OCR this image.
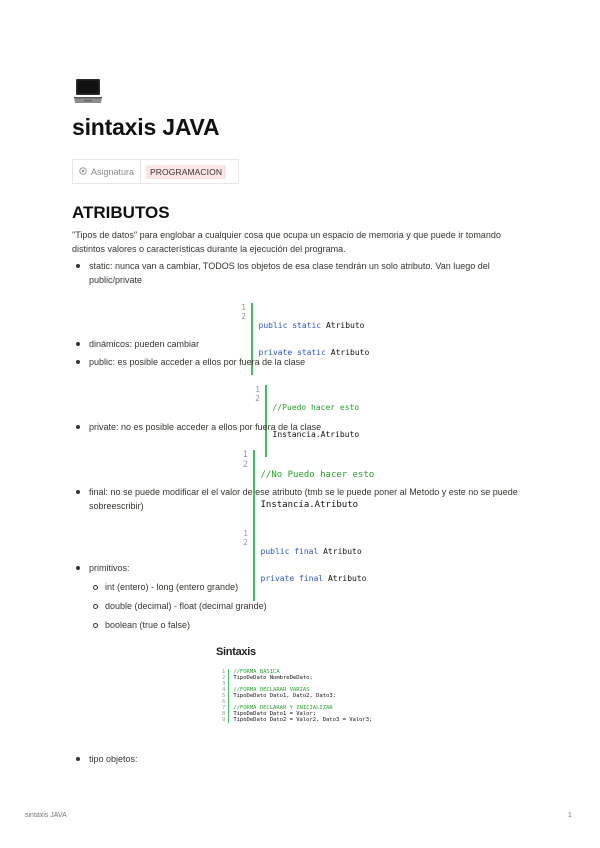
sintaxis JAVA
Asignatura	PROGRAMACION
ATRIBUTOS

"Tipos de datos" para englobar a cualquier cosa que ocupa un espacio de memoria y que puede ir tomando distintos valores o características durante la ejecución del programa.

static: nunca van a cambiar, TODOS los objetos de esa clase tendrán un solo atributo. Van luego del public/private
1
2

public static Atributo

private static Atributo

dinámicos: pueden cambiar
public: es posible acceder a ellos por fuera de la clase
1
2

//Puedo hacer esto

Instancia.Atributo

private: no es posible acceder a ellos por fuera de la clase
1
2

//No Puedo hacer esto

Instancia.Atributo

final: no se puede modificar el el valor de ese atributo (tmb se le puede poner al Metodo y este no se puede sobreescribir)
1
2

public final Atributo

private final Atributo

primitivos:
int (entero) - long (entero grande)
double (decimal) - float (decimal grande)
boolean (true o false)
Sintaxis
1
2
3
4
5
6
7
8
9
//FORMA BASICA
TipoDeDato NombreDeDato;

//FORMA DECLARAR VARIAS
TipoDeDato Dato1, Dato2, Dato3;

//FORMA DECLARAR Y INICIALIZAR
TipoDeDato Dato1 = Valor;
TipoDeDato Dato2 = Valor2, Dato3 = Valor3;
tipo objetos:
sintaxis JAVA	1
